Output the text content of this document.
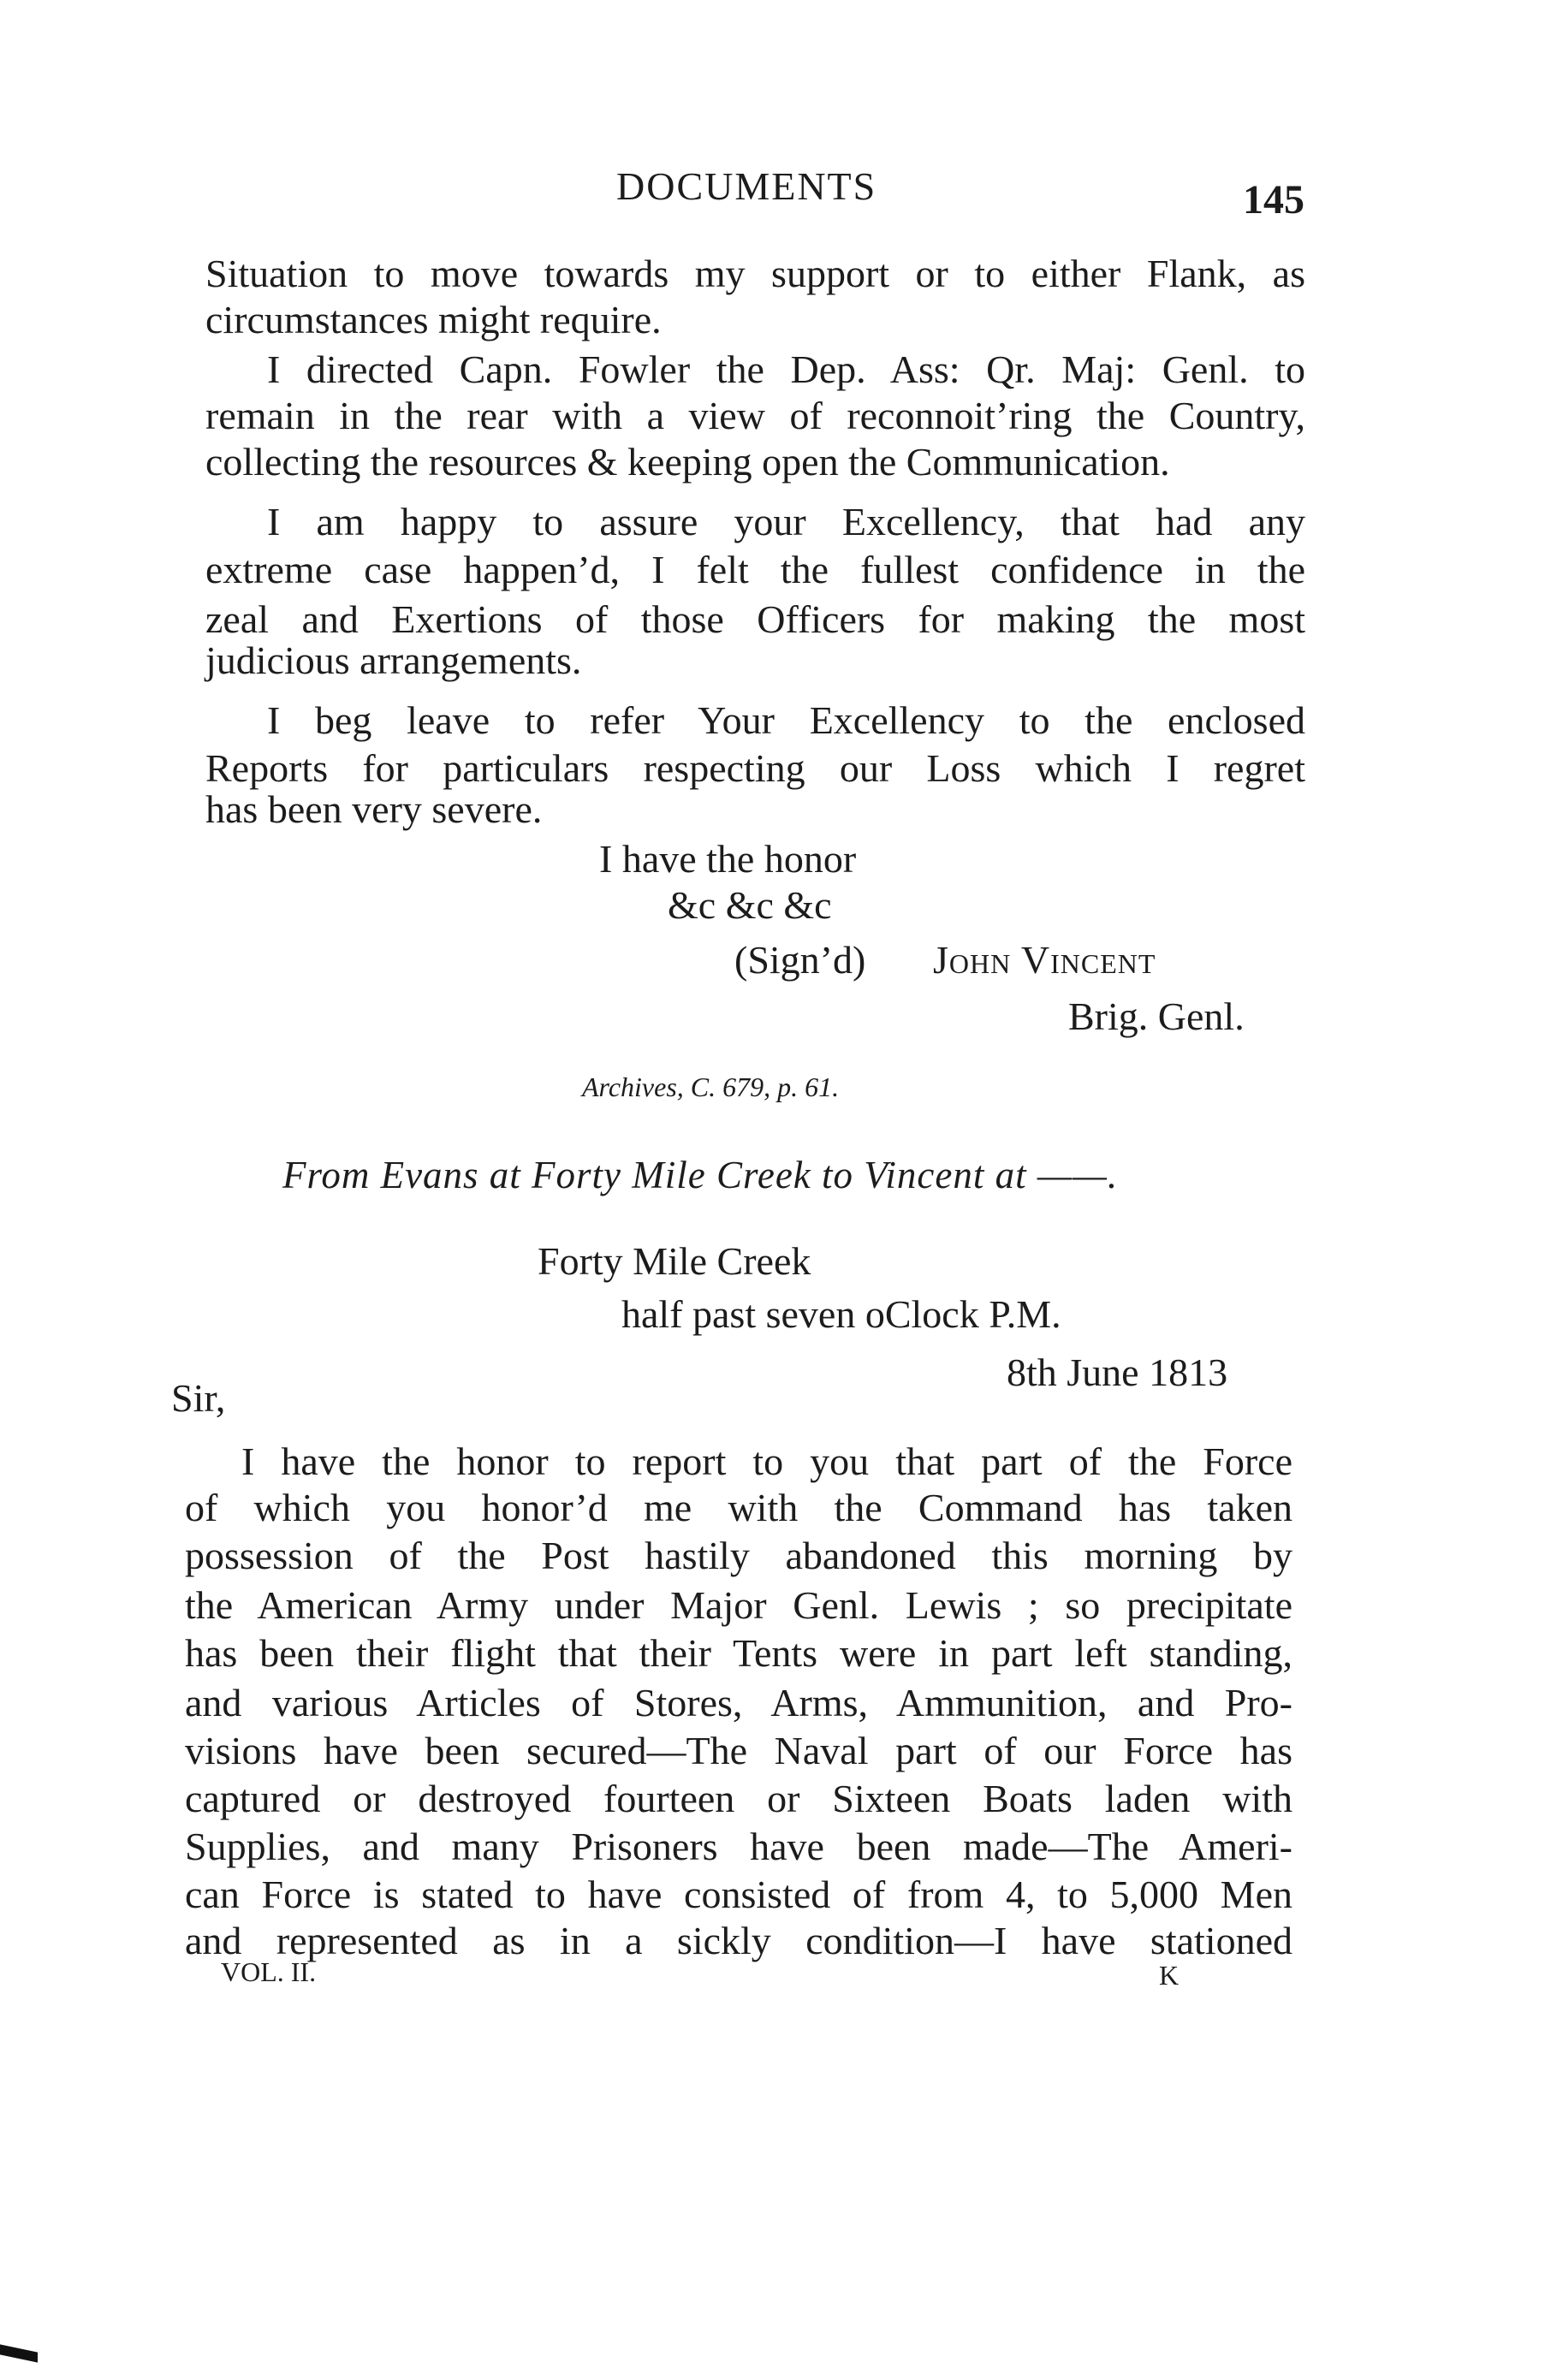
DOCUMENTS	145
Situation to move towards my support or to either Flank, as
circumstances might require.
I directed Capn. Fowler the Dep. Ass: Qr. Maj: Genl. to
remain in the rear with a view of reconnoit’ring the Country,
collecting the resources & keeping open the Communication.
I am happy to assure your Excellency, that had any
extreme case happen’d, I felt the fullest confidence in the
zeal and Exertions of those Officers for making the most
judicious arrangements.
I beg leave to refer Your Excellency to the enclosed
Reports for particulars respecting our Loss which I regret
has been very severe.
I have the honor
&c &c &c
(Sign’d) John Vincent
Brig. Genl.
Archives, C. 679, p. 61.
From Evans at Forty Mile Creek to Vincent at ——.
Forty Mile Creek
half past seven oClock P.M.
8th June 1813
Sir,
I have the honor to report to you that part of the Force
of which you honor’d me with the Command has taken
possession of the Post hastily abandoned this morning by
the American Army under Major Genl. Lewis ; so precipitate
has been their flight that their Tents were in part left standing,
and various Articles of Stores, Arms, Ammunition, and Pro-
visions have been secured—The Naval part of our Force has
captured or destroyed fourteen or Sixteen Boats laden with
Supplies, and many Prisoners have been made—The Ameri-
can Force is stated to have consisted of from 4, to 5,000 Men
and represented as in a sickly condition—I have stationed
VOL. II.	K
